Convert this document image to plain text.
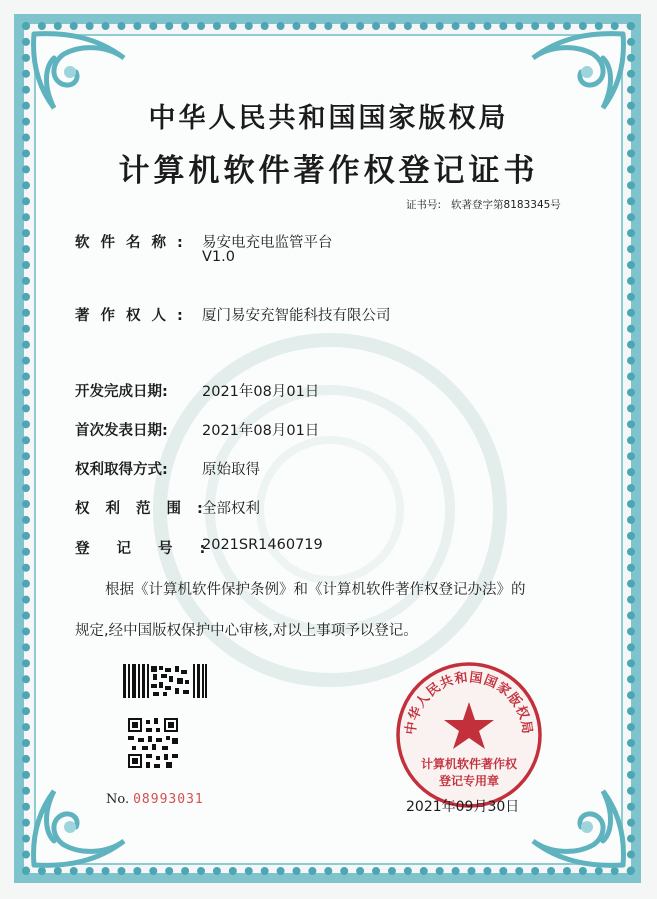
中华人民共和国国家版权局
计算机软件著作权登记证书
证书号: 软著登字第8183345号
软件名称: 易安电充电监管平台
V1.0
著作权人: 厦门易安充智能科技有限公司
开发完成日期:	2021年08月01日
首次发表日期:	2021年08月01日
权利取得方式:	原始取得
权利范围:
全部权利
登记号:
2021SR1460719
根据《计算机软件保护条例》和《计算机软件著作权登记办法》的
规定,经中国版权保护中心审核,对以上事项予以登记。
No. 08993031
中华人民共和国国家版权局
计算机软件著作权
登记专用章
2021年09月30日
